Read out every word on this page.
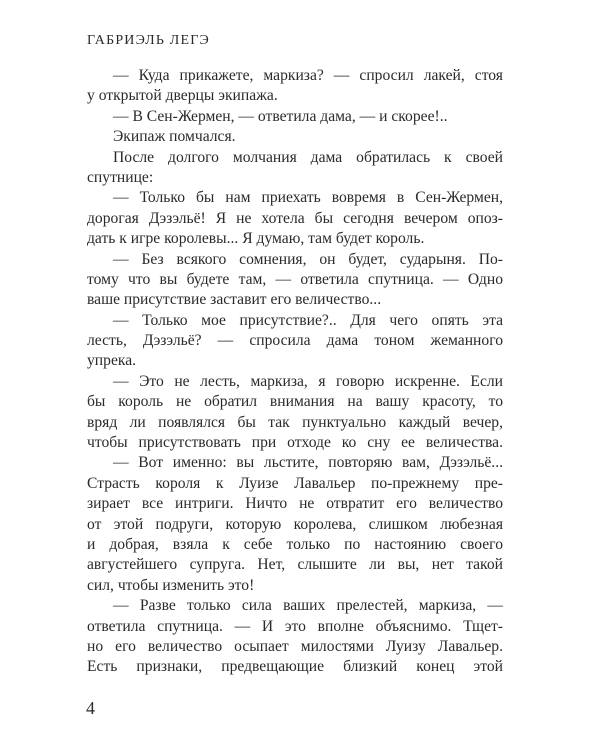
ГАБРИЭЛЬ ЛЕГЭ
— Куда прикажете, маркиза? — спросил лакей, стоя
у открытой дверцы экипажа.
— В Сен-Жермен, — ответила дама, — и скорее!..
Экипаж помчался.
После долгого молчания дама обратилась к своей
спутнице:
— Только бы нам приехать вовремя в Сен-Жермен,
дорогая Дэзэльё! Я не хотела бы сегодня вечером опоз-
дать к игре королевы... Я думаю, там будет король.
— Без всякого сомнения, он будет, сударыня. По-
тому что вы будете там, — ответила спутница. — Одно
ваше присутствие заставит его величество...
— Только мое присутствие?.. Для чего опять эта
лесть, Дэзэльё? — спросила дама тоном жеманного
упрека.
— Это не лесть, маркиза, я говорю искренне. Если
бы король не обратил внимания на вашу красоту, то
вряд ли появлялся бы так пунктуально каждый вечер,
чтобы присутствовать при отходе ко сну ее величества.
— Вот именно: вы льстите, повторяю вам, Дэзэльё...
Страсть короля к Луизе Лавальер по-прежнему пре-
зирает все интриги. Ничто не отвратит его величество
от этой подруги, которую королева, слишком любезная
и добрая, взяла к себе только по настоянию своего
августейшего супруга. Нет, слышите ли вы, нет такой
сил, чтобы изменить это!
— Разве только сила ваших прелестей, маркиза, —
ответила спутница. — И это вполне объяснимо. Тщет-
но его величество осыпает милостями Луизу Лавальер.
Есть признаки, предвещающие близкий конец этой
4
